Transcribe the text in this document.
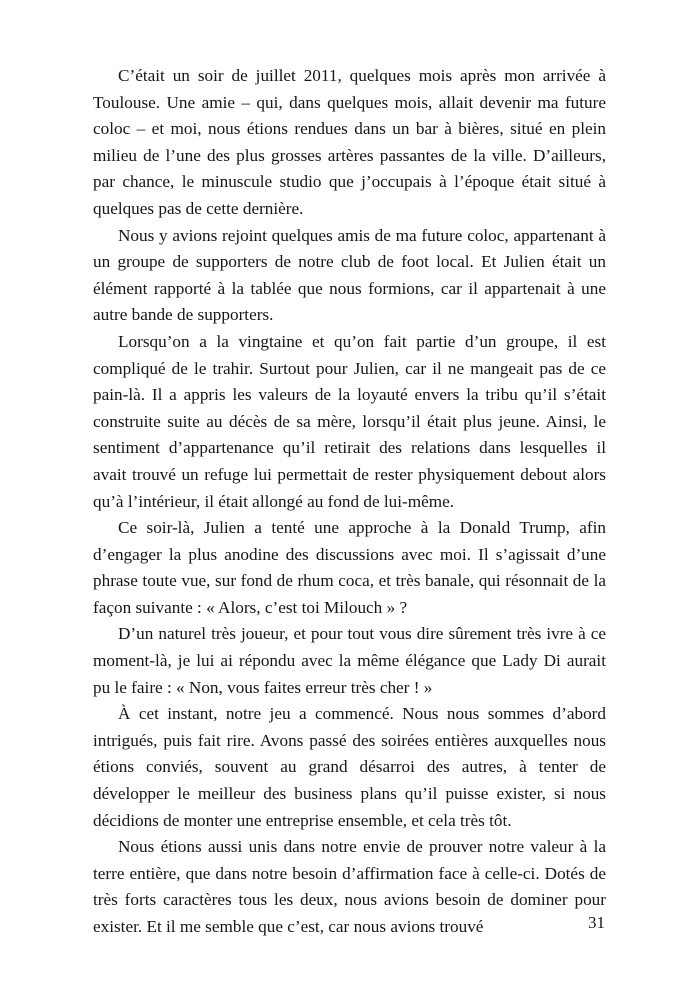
C’était un soir de juillet 2011, quelques mois après mon arrivée à Toulouse. Une amie – qui, dans quelques mois, allait devenir ma future coloc – et moi, nous étions rendues dans un bar à bières, situé en plein milieu de l’une des plus grosses artères passantes de la ville. D’ailleurs, par chance, le minuscule studio que j’occupais à l’époque était situé à quelques pas de cette dernière.

Nous y avions rejoint quelques amis de ma future coloc, appartenant à un groupe de supporters de notre club de foot local. Et Julien était un élément rapporté à la tablée que nous formions, car il appartenait à une autre bande de supporters.

Lorsqu’on a la vingtaine et qu’on fait partie d’un groupe, il est compliqué de le trahir. Surtout pour Julien, car il ne mangeait pas de ce pain-là. Il a appris les valeurs de la loyauté envers la tribu qu’il s’était construite suite au décès de sa mère, lorsqu’il était plus jeune. Ainsi, le sentiment d’appartenance qu’il retirait des relations dans lesquelles il avait trouvé un refuge lui permettait de rester physiquement debout alors qu’à l’intérieur, il était allongé au fond de lui-même.

Ce soir-là, Julien a tenté une approche à la Donald Trump, afin d’engager la plus anodine des discussions avec moi. Il s’agissait d’une phrase toute vue, sur fond de rhum coca, et très banale, qui résonnait de la façon suivante : « Alors, c’est toi Milouch » ?

D’un naturel très joueur, et pour tout vous dire sûrement très ivre à ce moment-là, je lui ai répondu avec la même élégance que Lady Di aurait pu le faire : « Non, vous faites erreur très cher ! »

À cet instant, notre jeu a commencé. Nous nous sommes d’abord intrigués, puis fait rire. Avons passé des soirées entières auxquelles nous étions conviés, souvent au grand désarroi des autres, à tenter de développer le meilleur des business plans qu’il puisse exister, si nous décidions de monter une entreprise ensemble, et cela très tôt.

Nous étions aussi unis dans notre envie de prouver notre valeur à la terre entière, que dans notre besoin d’affirmation face à celle-ci. Dotés de très forts caractères tous les deux, nous avions besoin de dominer pour exister. Et il me semble que c’est, car nous avions trouvé	31
